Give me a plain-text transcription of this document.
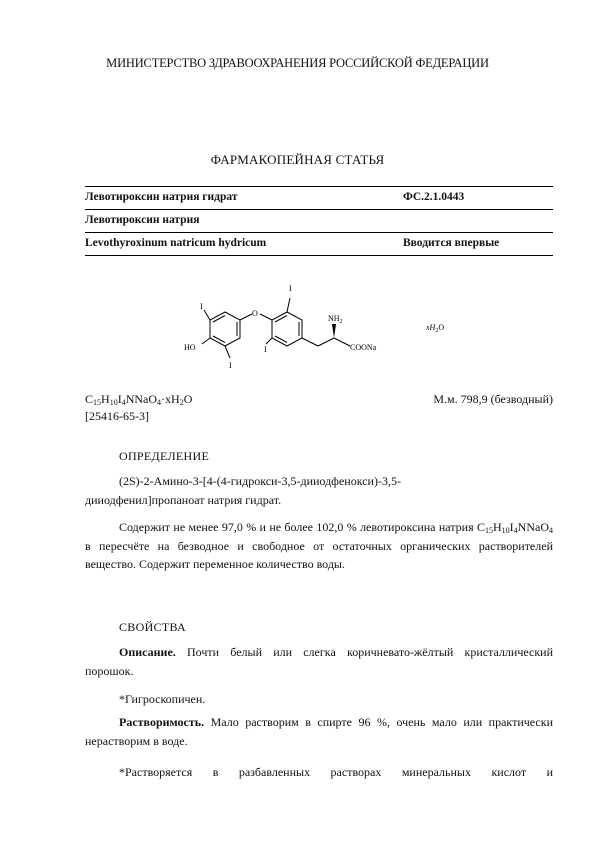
МИНИСТЕРСТВО ЗДРАВООХРАНЕНИЯ РОССИЙСКОЙ ФЕДЕРАЦИИ
ФАРМАКОПЕЙНАЯ СТАТЬЯ
Левотироксин натрия гидрат	ФС.2.1.0443
Левотироксин натрия
Levothyroxinum natricum hydricum	Вводится впервые
I
HO
I
O
I
I
$NH_2$
COONa
$xH_2O$
$C_{15}H_{10}I_4NNaO_4\cdot xH_2O$	М.м. 798,9 (безводный)
[25416-65-3]
ОПРЕДЕЛЕНИЕ
(2S)-2-Амино-3-[4-(4-гидрокси-3,5-дииодфенокси)-3,5-
дииодфенил]пропаноат натрия гидрат.
Содержит не менее 97,0 % и не более 102,0 % левотироксина натрия $C_{15}H_{10}I_4NNaO_4$ в пересчёте на безводное и свободное от остаточных органических растворителей вещество. Содержит переменное количество воды.
СВОЙСТВА
Описание. Почти белый или слегка коричневато-жёлтый кристаллический порошок.
*Гигроскопичен.
Растворимость. Мало растворим в спирте 96 %, очень мало или практически нерастворим в воде.
*Растворяется в разбавленных растворах минеральных кислот и
